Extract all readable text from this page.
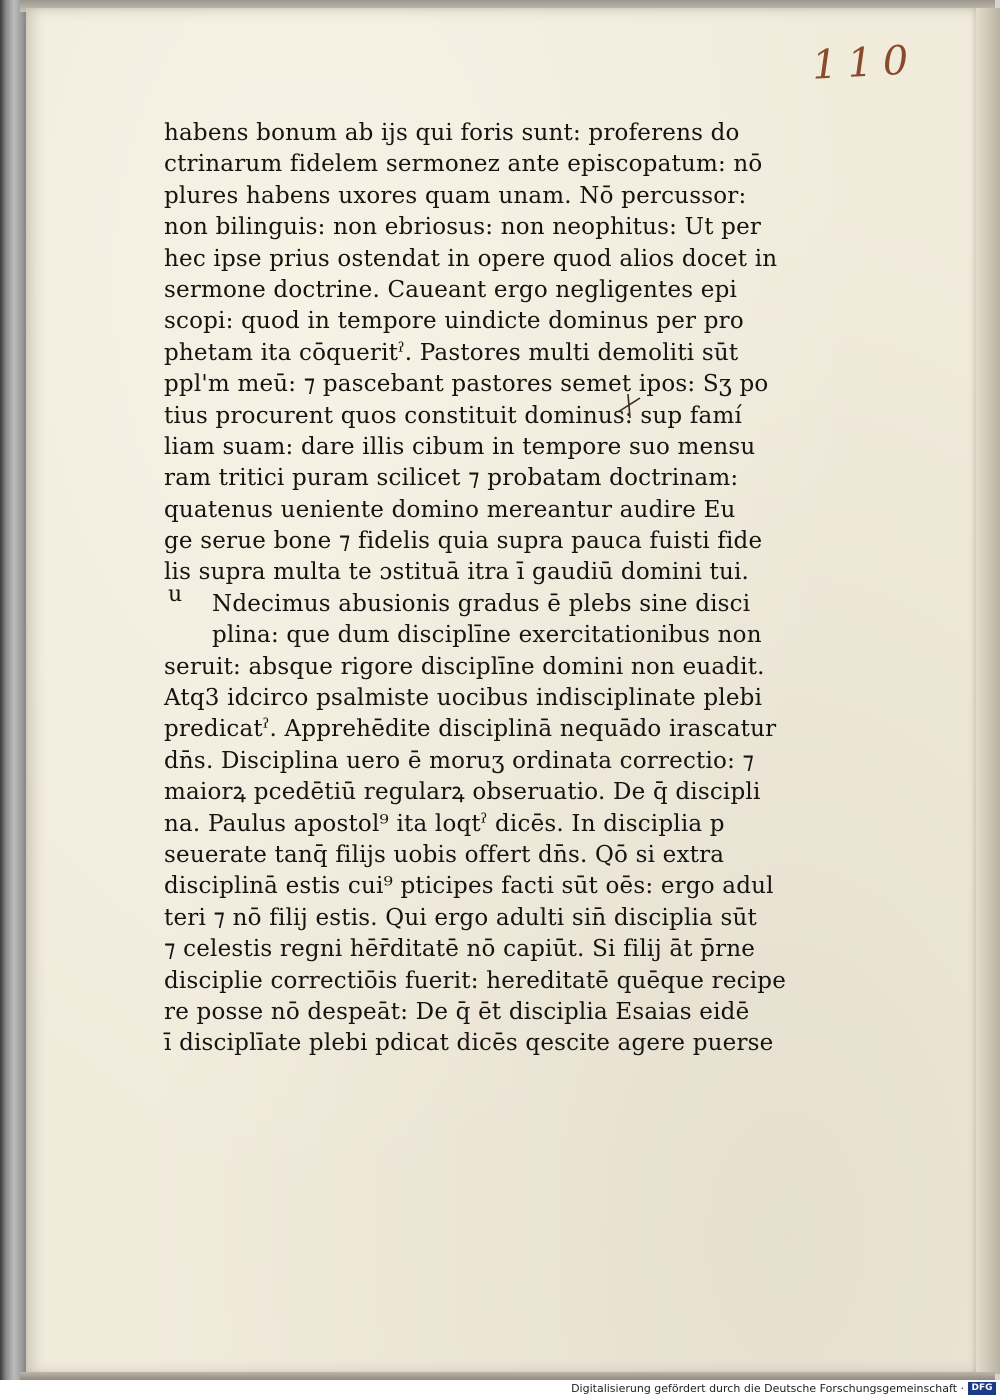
110
u
habens bonum ab ijs qui foris sunt: proferens do
ctrinarum fidelem sermonez ante episcopatum: nō
plures habens uxores quam unam. Nō percussor:
non bilinguis: non ebriosus: non neophitus: Ut per
hec ipse prius ostendat in opere quod alios docet in
sermone doctrine. Caueant ergo negligentes epi
scopi: quod in tempore uindicte dominus per pro
phetam ita cōqueritˀ. Pastores multi demoliti sūt
ppl'm meū: ⁊ pascebant pastores semet ipos: Sʒ po
tius procurent quos constituit dominus: sup famí
liam suam: dare illis cibum in tempore suo mensu
ram tritici puram scilicet ⁊ probatam doctrinam:
quatenus ueniente domino mereantur audire Eu
ge serue bone ⁊ fidelis quia supra pauca fuisti fide
lis supra multa te ɔstituā itra ī gaudiū domini tui.
Ndecimus abusionis gradus ē plebs sine disci
plina: que dum disciplīne exercitationibus non
seruit: absque rigore disciplīne domini non euadit.
Atq3 idcirco psalmiste uocibus indisciplinate plebi
predicatˀ. Apprehēdite disciplinā nequādo irascatur
dn̄s. Disciplina uero ē moruʒ ordinata correctio: ⁊
maiorꝝ pcedētiū regularꝝ obseruatio. De q̄ discipli
na. Paulus apostol⁹ ita loqtˀ dicēs. In disciplia p
seuerate tanq̄ filijs uobis offert dn̄s. Qō si extra
disciplinā estis cui⁹ pticipes facti sūt oēs: ergo adul
teri ⁊ nō filij estis. Qui ergo adulti sin̄ disciplia sūt
⁊ celestis regni hēr̄ditatē nō capiūt. Si filij āt p̄rne
disciplie correctiōis fuerit: hereditatē quēque recipe
re posse nō despeāt: De q̄ ēt disciplia Esaias eidē
ī disciplīate plebi pdicat dicēs qescite agere puerse
Digitalisierung gefördert durch die Deutsche Forschungsgemeinschaft · DFG
